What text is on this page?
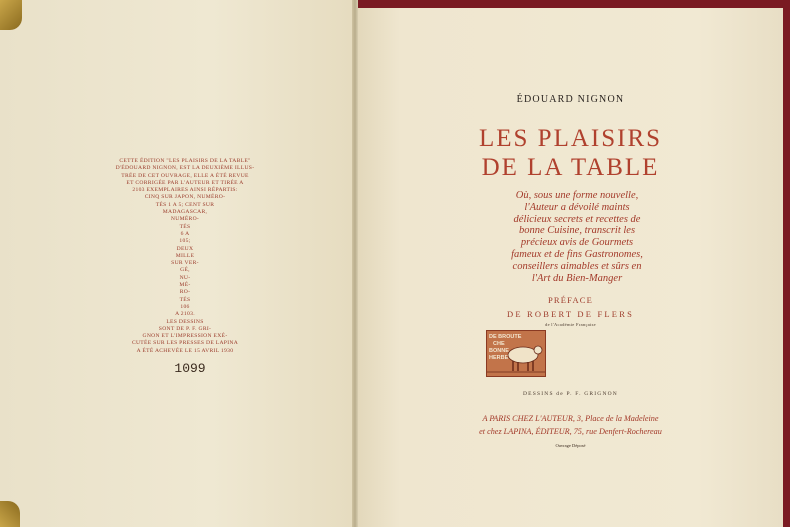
CETTE ÉDITION "LES PLAISIRS DE LA TABLE"
D'ÉDOUARD NIGNON, EST LA DEUXIÈME ILLUS-
TRÉE DE CET OUVRAGE, ELLE A ÉTÉ REVUE
ET CORRIGÉE PAR L'AUTEUR ET TIRÉE A
2103 EXEMPLAIRES AINSI RÉPARTIS:
CINQ SUR JAPON, NUMÉRO-
TÉS 1 A 5; CENT SUR
MADAGASCAR,
NUMÉRO-
TÉS
6 A
105;
DEUX
MILLE
SUR VER-
GÉ,
NU-
MÉ-
RO-
TÉS
106
A 2103.
LES DESSINS
SONT DE P. F. GRI-
GNON ET L'IMPRESSION EXÉ-
CUTÉE SUR LES PRESSES DE LAPINA
A ÉTÉ ACHEVÉE LE 15 AVRIL 1930
1099
ÉDOUARD NIGNON
LES PLAISIRS
DE LA TABLE
Où, sous une forme nouvelle,
l'Auteur a dévoilé maints
délicieux secrets et recettes de
bonne Cuisine, transcrit les
précieux avis de Gourmets
fameux et de fins Gastronomes,
conseillers aimables et sûrs en
l'Art du Bien-Manger
PRÉFACE
DE ROBERT DE FLERS
de l'Académie Française
DE BROUTE
CHE
BONNE
HERBE
DESSINS de P. F. GRIGNON
A PARIS CHEZ L'AUTEUR, 3, Place de la Madeleine
et chez LAPINA, ÉDITEUR, 75, rue Denfert-Rochereau
Ouvrage Déposé
